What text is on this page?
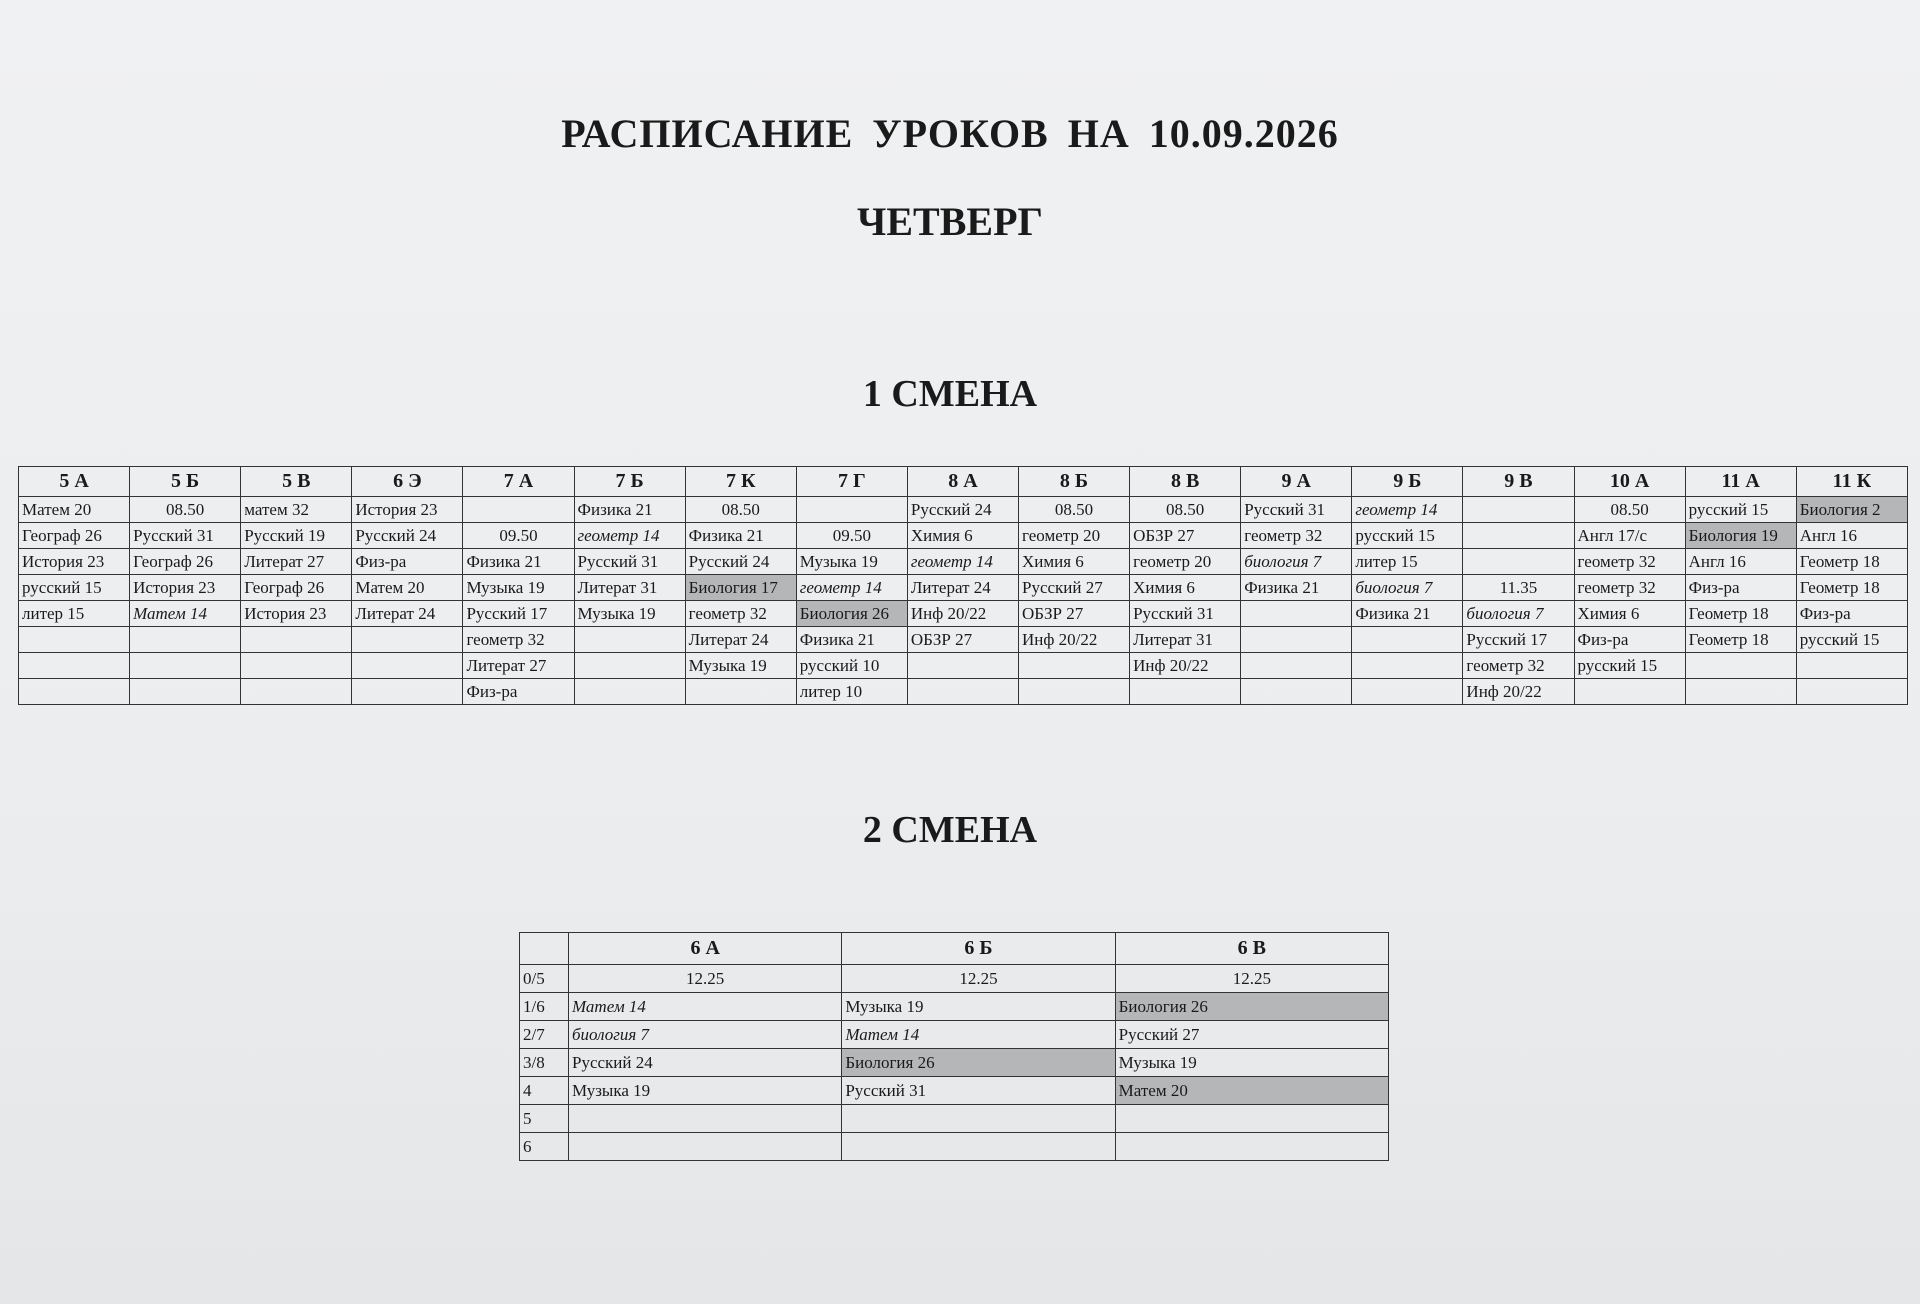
РАСПИСАНИЕ УРОКОВ НА 10.09.2026
ЧЕТВЕРГ
1 СМЕНА
5 А	5 Б	5 В	6 Э	7 А	7 Б	7 К	7 Г	8 А	8 Б	8 В	9 А	9 Б	9 В	10 А	11 А	11 К
Матем 20	08.50	матем 32	История 23		Физика 21	08.50		Русский 24	08.50	08.50	Русский 31	геометр 14		08.50	русский 15	Биология 2
Географ 26	Русский 31	Русский 19	Русский 24	09.50	геометр 14	Физика 21	09.50	Химия 6	геометр 20	ОБЗР 27	геометр 32	русский 15		Англ 17/с	Биология 19	Англ 16
История 23	Географ 26	Литерат 27	Физ-ра	Физика 21	Русский 31	Русский 24	Музыка 19	геометр 14	Химия 6	геометр 20	биология 7	литер 15		геометр 32	Англ 16	Геометр 18
русский 15	История 23	Географ 26	Матем 20	Музыка 19	Литерат 31	Биология 17	геометр 14	Литерат 24	Русский 27	Химия 6	Физика 21	биология 7	11.35	геометр 32	Физ-ра	Геометр 18
литер 15	Матем 14	История 23	Литерат 24	Русский 17	Музыка 19	геометр 32	Биология 26	Инф 20/22	ОБЗР 27	Русский 31		Физика 21	биология 7	Химия 6	Геометр 18	Физ-ра
				геометр 32		Литерат 24	Физика 21	ОБЗР 27	Инф 20/22	Литерат 31			Русский 17	Физ-ра	Геометр 18	русский 15
				Литерат 27		Музыка 19	русский 10			Инф 20/22			геометр 32	русский 15		
				Физ-ра			литер 10						Инф 20/22			
2 СМЕНА
	6 А	6 Б	6 В
0/5	12.25	12.25	12.25
1/6	Матем 14	Музыка 19	Биология 26
2/7	биология 7	Матем 14	Русский 27
3/8	Русский 24	Биология 26	Музыка 19
4	Музыка 19	Русский 31	Матем 20
5			
6			
